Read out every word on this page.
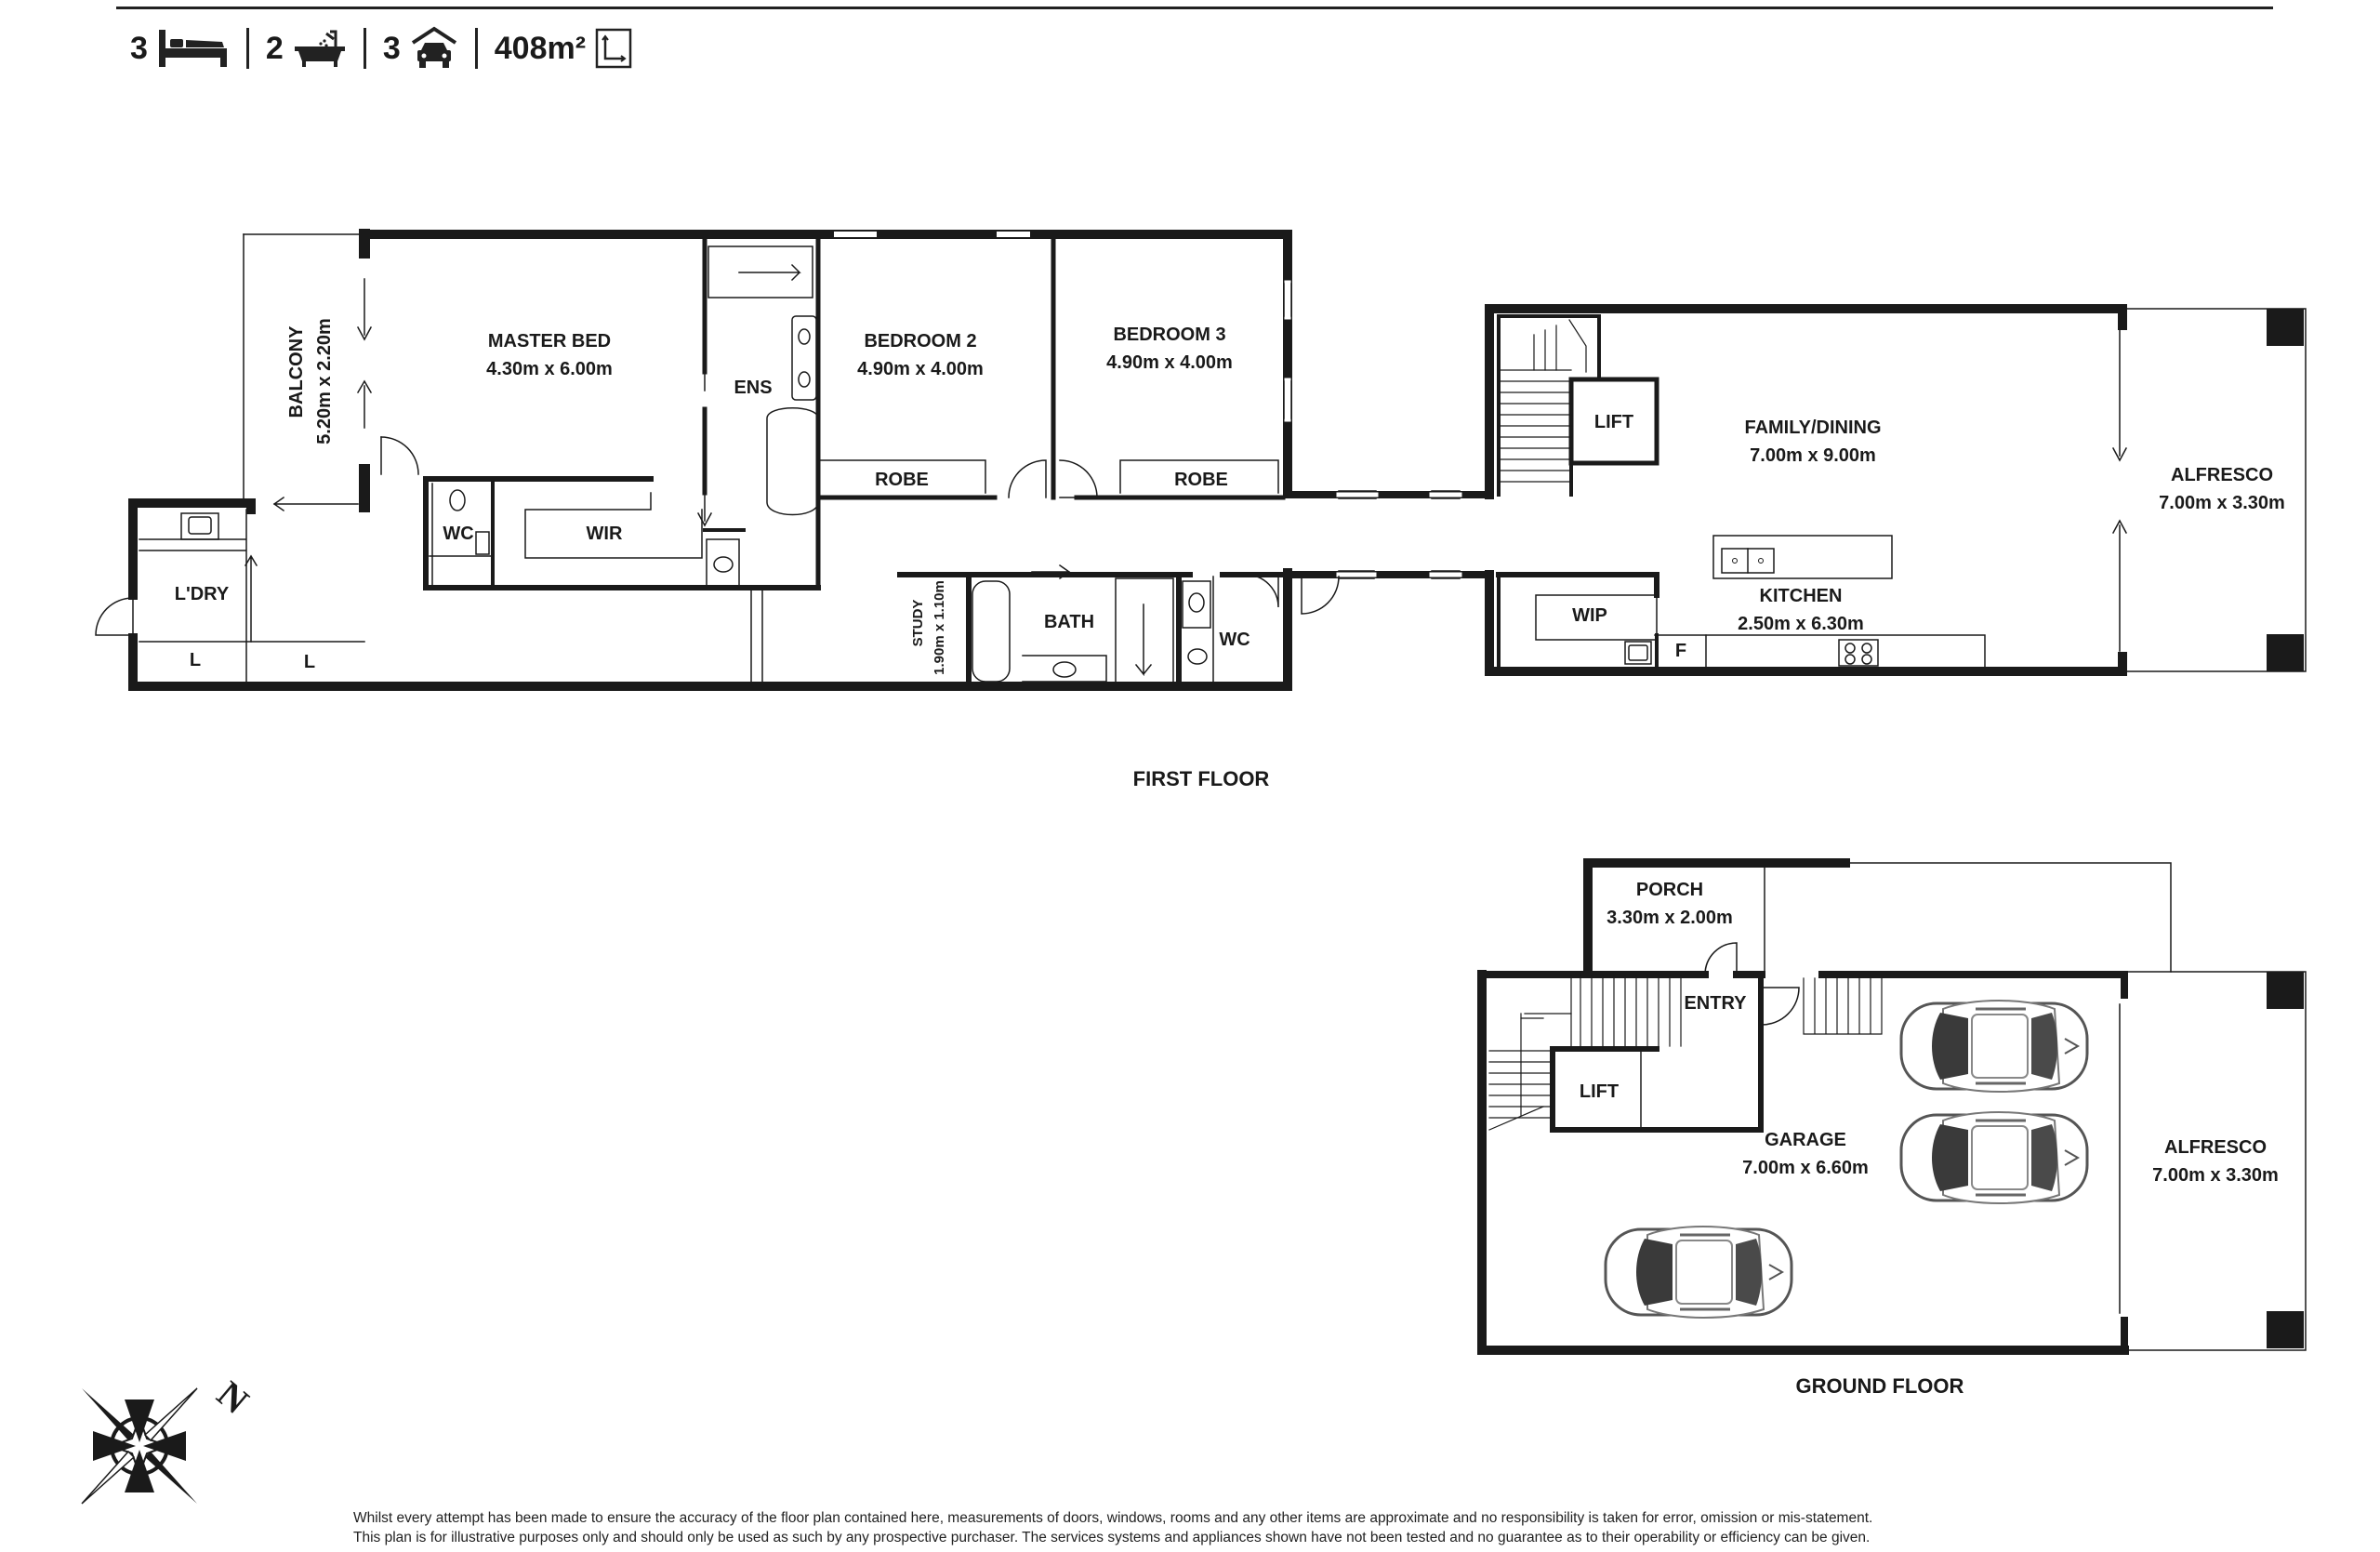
3	2	3	408m²
MASTER BED
4.30m x 6.00m
BALCONY 5.20m x 2.20m	ENS
BEDROOM 2
4.90m x 4.00m
BEDROOM 3
4.90m x 4.00m
ROBE	ROBE
WC	WIR
L'DRY
L	L
STUDY 1.90m x 1.10m	BATH
WC
LIFT	FAMILY/DINING
7.00m x 9.00m
ALFRESCO
7.00m x 3.30m
WIP
KITCHEN
2.50m x 6.30m
F
FIRST FLOOR
PORCH
3.30m x 2.00m
ENTRY
LIFT
GARAGE
7.00m x 6.60m
ALFRESCO
7.00m x 3.30m
GROUND FLOOR
N
Whilst every attempt has been made to ensure the accuracy of the floor plan contained here, measurements of doors, windows, rooms and any other items are approximate and no responsibility is taken for error, omission or mis-statement.
This plan is for illustrative purposes only and should only be used as such by any prospective purchaser. The services systems and appliances shown have not been tested and no guarantee as to their operability or efficiency can be given.
